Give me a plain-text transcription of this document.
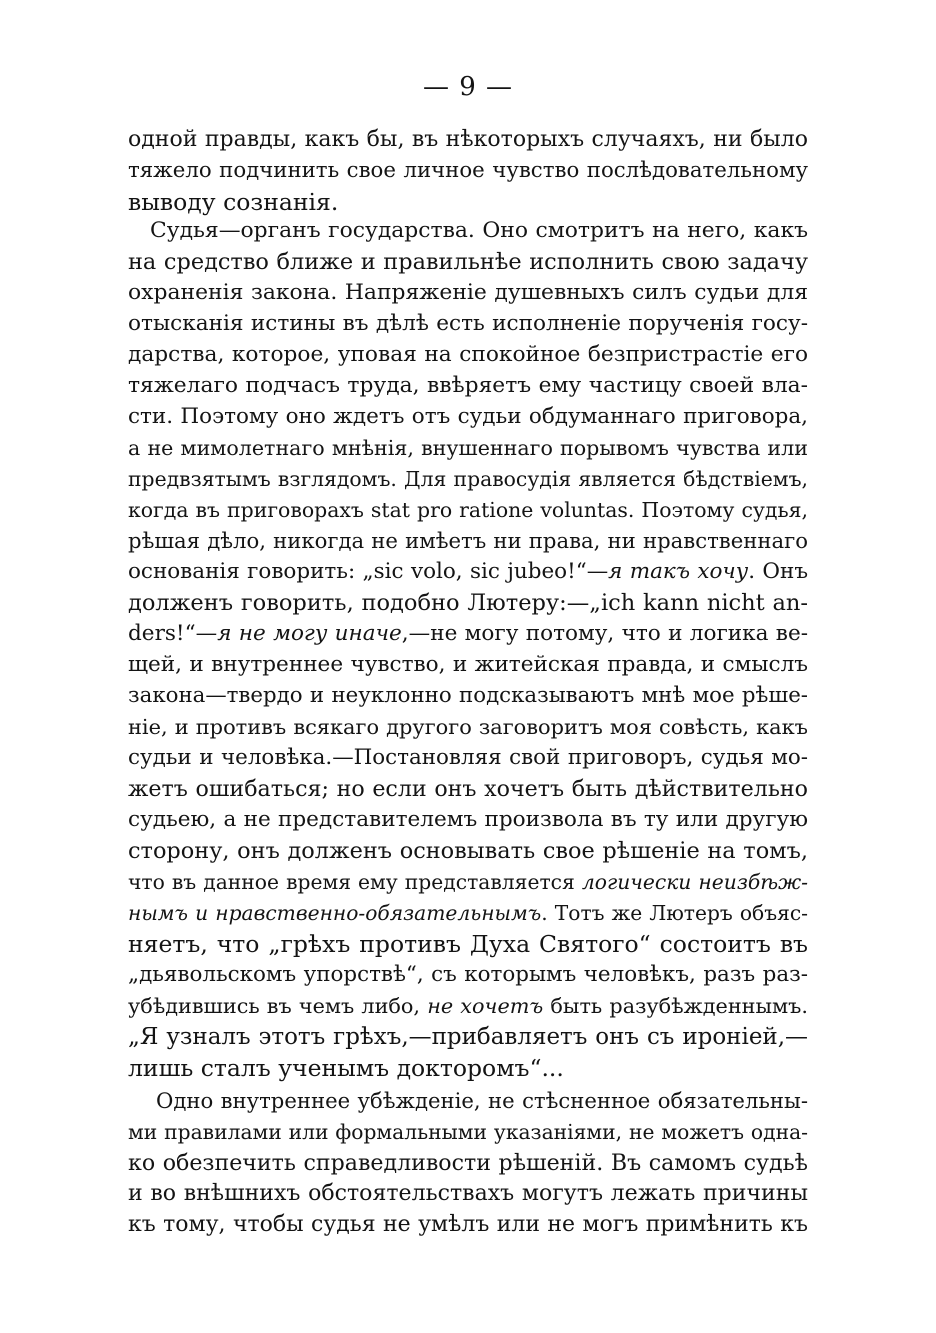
— 9 —
одной правды, какъ бы, въ нѣкоторыхъ случаяхъ, ни было
тяжело подчинить свое личное чувство послѣдовательному
выводу сознанія.
Судья—органъ государства. Оно смотритъ на него, какъ
на средство ближе и правильнѣе исполнить свою задачу
охраненія закона. Напряженіе душевныхъ силъ судьи для
отысканія истины въ дѣлѣ есть исполненіе порученія госу-
дарства, которое, уповая на спокойное безпристрастіе его
тяжелаго подчасъ труда, ввѣряетъ ему частицу своей вла-
сти. Поэтому оно ждетъ отъ судьи обдуманнаго приговора,
а не мимолетнаго мнѣнія, внушеннаго порывомъ чувства или
предвзятымъ взглядомъ. Для правосудія является бѣдствіемъ,
когда въ приговорахъ stat pro ratione voluntas. Поэтому судья,
рѣшая дѣло, никогда не имѣетъ ни права, ни нравственнаго
основанія говорить: „sic volo, sic jubeo!“—я такъ хочу. Онъ
долженъ говорить, подобно Лютеру:—„ich kann nicht an-
ders!“—я не могу иначе,—не могу потому, что и логика ве-
щей, и внутреннее чувство, и житейская правда, и смыслъ
закона—твердо и неуклонно подсказываютъ мнѣ мое рѣше-
ніе, и противъ всякаго другого заговоритъ моя совѣсть, какъ
судьи и человѣка.—Постановляя свой приговоръ, судья мо-
жетъ ошибаться; но если онъ хочетъ быть дѣйствительно
судьею, а не представителемъ произвола въ ту или другую
сторону, онъ долженъ основывать свое рѣшеніе на томъ,
что въ данное время ему представляется логически неизбѣж-
нымъ и нравственно-обязательнымъ. Тотъ же Лютеръ объяс-
няетъ, что „грѣхъ противъ Духа Святого“ состоитъ въ
„дьявольскомъ упорствѣ“, съ которымъ человѣкъ, разъ раз-
убѣдившись въ чемъ либо, не хочетъ быть разубѣжденнымъ.
„Я узналъ этотъ грѣхъ,—прибавляетъ онъ съ ироніей,—
лишь сталъ ученымъ докторомъ“...
Одно внутреннее убѣжденіе, не стѣсненное обязательны-
ми правилами или формальными указаніями, не можетъ одна-
ко обезпечить справедливости рѣшеній. Въ самомъ судьѣ
и во внѣшнихъ обстоятельствахъ могутъ лежать причины
къ тому, чтобы судья не умѣлъ или не могъ примѣнить къ
